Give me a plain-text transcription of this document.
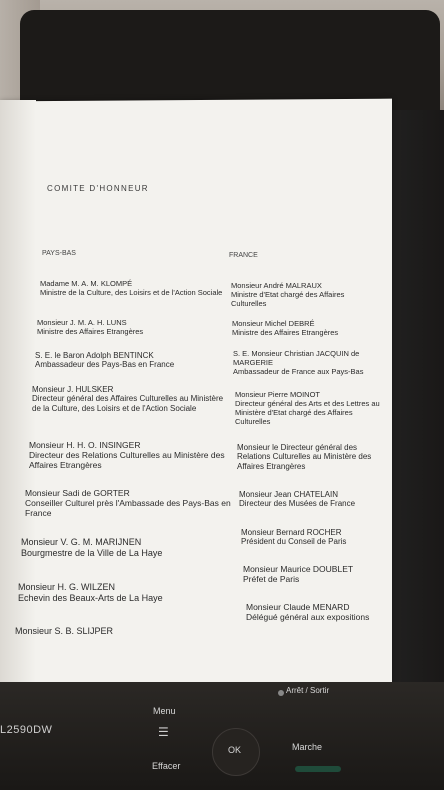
COMITE D'HONNEUR
PAYS-BAS	FRANCE
Madame M. A. M. KLOMPÉ
Ministre de la Culture, des Loisirs et de l'Action Sociale
Monsieur J. M. A. H. LUNS
Ministre des Affaires Etrangères
S. E. le Baron Adolph BENTINCK
Ambassadeur des Pays-Bas en France
Monsieur J. HULSKER
Directeur général des Affaires Culturelles au Ministère de la Culture, des Loisirs et de l'Action Sociale
Monsieur H. H. O. INSINGER
Directeur des Relations Culturelles au Ministère des Affaires Etrangères
Monsieur Sadi de GORTER
Conseiller Culturel près l'Ambassade des Pays-Bas en France
Monsieur V. G. M. MARIJNEN
Bourgmestre de la Ville de La Haye
Monsieur H. G. WILZEN
Echevin des Beaux-Arts de La Haye
Monsieur S. B. SLIJPER
Monsieur André MALRAUX
Ministre d'Etat chargé des Affaires Culturelles
Monsieur Michel DEBRÉ
Ministre des Affaires Etrangères
S. E. Monsieur Christian JACQUIN de MARGERIE
Ambassadeur de France aux Pays-Bas
Monsieur Pierre MOINOT
Directeur général des Arts et des Lettres au Ministère d'Etat chargé des Affaires Culturelles
Monsieur le Directeur général des Relations Culturelles au Ministère des Affaires Etrangères
Monsieur Jean CHATELAIN
Directeur des Musées de France
Monsieur Bernard ROCHER
Président du Conseil de Paris
Monsieur Maurice DOUBLET
Préfet de Paris
Monsieur Claude MENARD
Délégué général aux expositions
L2590DW
Menu
☰
Effacer
OK
Arrêt / Sortir
Marche
